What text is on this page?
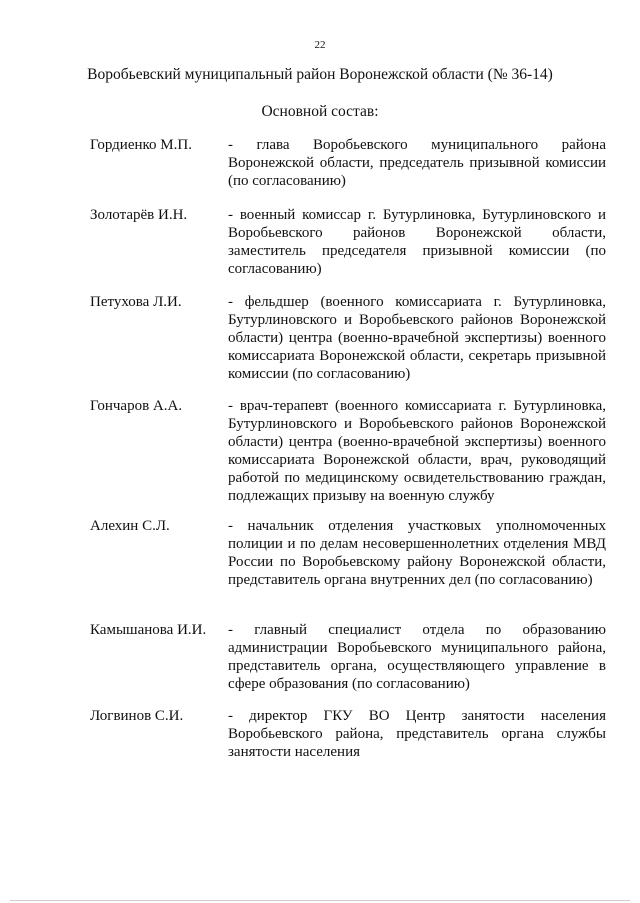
22
Воробьевский муниципальный район Воронежской области (№ 36-14)
Основной состав:
Гордиенко М.П. - глава Воробьевского муниципального района Воронежской области, председатель призывной комиссии (по согласованию)
Золотарёв И.Н.	- военный комиссар г. Бутурлиновка, Бутурлиновского и Воробьевского районов Воронежской области, заместитель председателя призывной комиссии (по согласованию)
Петухова Л.И.	- фельдшер (военного комиссариата г. Бутурлиновка, Бутурлиновского и Воробьевского районов Воронежской области) центра (военно-врачебной экспертизы) военного комиссариата Воронежской области, секретарь призывной комиссии (по согласованию)
Гончаров А.А.	- врач-терапевт (военного комиссариата г. Бутурлиновка, Бутурлиновского и Воробьевского районов Воронежской области) центра (военно-врачебной экспертизы) военного комиссариата Воронежской области, врач, руководящий работой по медицинскому освидетельствованию граждан, подлежащих призыву на военную службу
Алехин С.Л.	- начальник отделения участковых уполномоченных полиции и по делам несовершеннолетних отделения МВД России по Воробьевскому району Воронежской области, представитель органа внутренних дел (по согласованию)
Камышанова И.И. - главный специалист отдела по образованию администрации Воробьевского муниципального района, представитель органа, осуществляющего управление в сфере образования (по согласованию)
Логвинов С.И.	- директор ГКУ ВО Центр занятости населения Воробьевского района, представитель органа службы занятости населения
